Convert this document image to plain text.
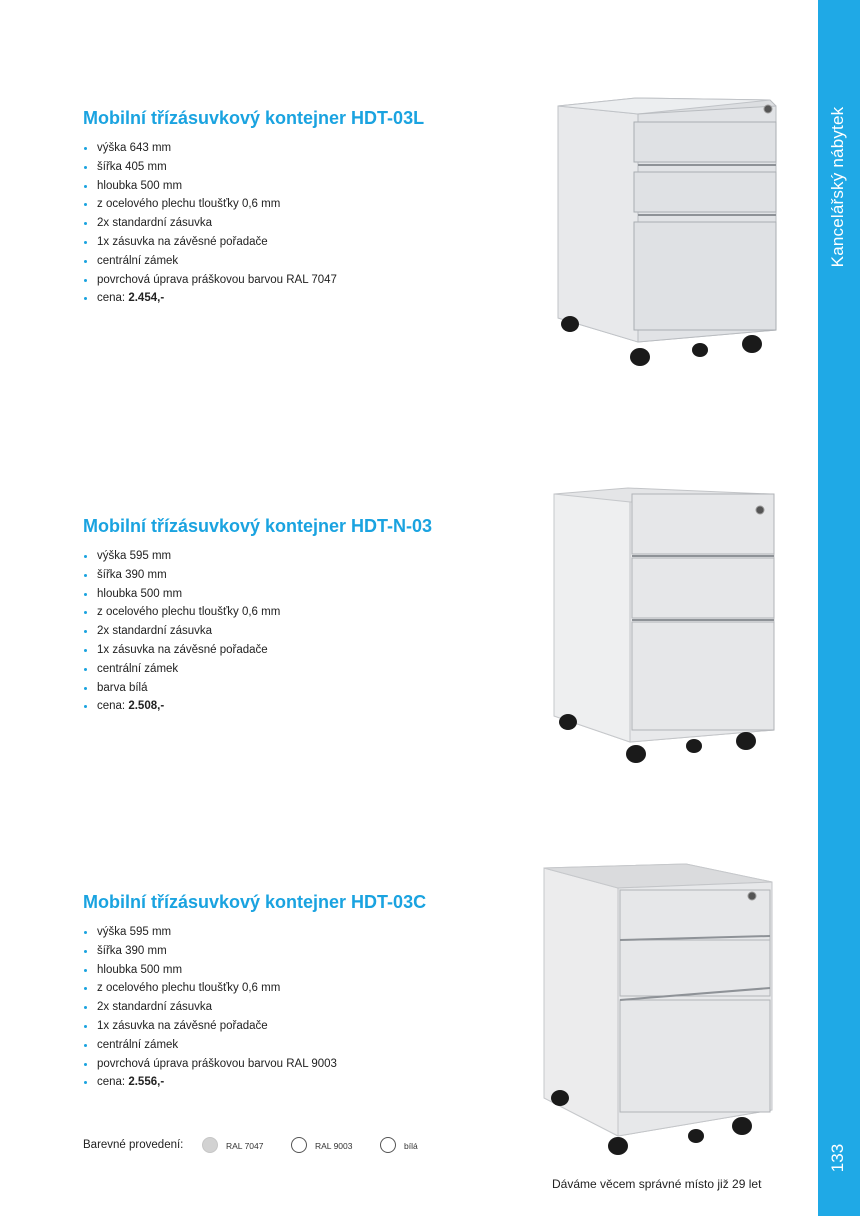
Kancelářský nábytek
133
Mobilní třízásuvkový kontejner HDT-03L
výška 643 mm
šířka 405 mm
hloubka 500 mm
z ocelového plechu tloušťky 0,6 mm
2x standardní zásuvka
1x zásuvka na závěsné pořadače
centrální zámek
povrchová úprava práškovou barvou RAL 7047
cena: 2.454,-
Mobilní třízásuvkový kontejner HDT-N-03
výška 595 mm
šířka 390 mm
hloubka 500 mm
z ocelového plechu tloušťky 0,6 mm
2x standardní zásuvka
1x zásuvka na závěsné pořadače
centrální zámek
barva bílá
cena: 2.508,-
Mobilní třízásuvkový kontejner HDT-03C
výška 595 mm
šířka 390 mm
hloubka 500 mm
z ocelového plechu tloušťky 0,6 mm
2x standardní zásuvka
1x zásuvka na závěsné pořadače
centrální zámek
povrchová úprava práškovou barvou RAL 9003
cena: 2.556,-
Barevné provedení:	RAL 7047	RAL 9003	bílá
Dáváme věcem správné místo již 29 let
